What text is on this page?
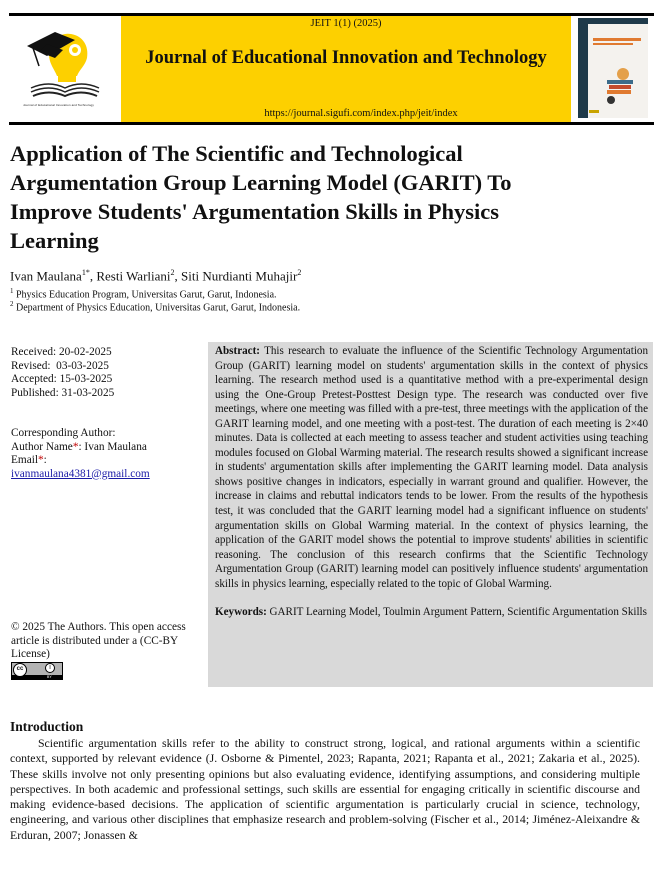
Journal of Educational Innovation and Technology
JEIT 1(1) (2025)
Journal of Educational Innovation and Technology
https://journal.sigufi.com/index.php/jeit/index
Application of The Scientific and Technological
Argumentation Group Learning Model (GARIT) To
Improve Students' Argumentation Skills in Physics
Learning
Ivan Maulana$^{1*}$, Resti Warliani$^2$, Siti Nurdianti Muhajir$^2$
$^1$ Physics Education Program, Universitas Garut, Garut, Indonesia.
$^2$ Department of Physics Education, Universitas Garut, Garut, Indonesia.
Received: 20-02-2025
Revised:  03-03-2025
Accepted: 15-03-2025
Published: 31-03-2025
Corresponding Author:
Author Name*: Ivan Maulana
Email*:
ivanmaulana4381@gmail.com
© 2025 The Authors. This open access article is distributed under a (CC-BY License)
cc	i
BY

Abstract: This research to evaluate the influence of the Scientific Technology Argumentation Group (GARIT) learning model on students' argumentation skills in the context of physics learning. The research method used is a quantitative method with a pre-experimental design using the One-Group Pretest-Posttest Design type. The research was conducted over five meetings, where one meeting was filled with a pre-test, three meetings with the application of the GARIT learning model, and one meeting with a post-test. The duration of each meeting is 2×40 minutes. Data is collected at each meeting to assess teacher and student activities using teaching modules focused on Global Warming material. The research results showed a significant increase in students' argumentation skills after implementing the GARIT learning model. Data analysis shows positive changes in indicators, especially in warrant ground and qualifier. However, the increase in claims and rebuttal indicators tends to be lower. From the results of the hypothesis test, it was concluded that the GARIT learning model had a significant influence on students' argumentation skills on Global Warming material. In the context of physics learning, the application of the GARIT model shows the potential to improve students' abilities in scientific reasoning. The conclusion of this research confirms that the Scientific Technology Argumentation Group (GARIT) learning model can positively influence students' argumentation skills in physics learning, especially related to the topic of Global Warming.

Keywords: GARIT Learning Model, Toulmin Argument Pattern, Scientific Argumentation Skills

Introduction
Scientific argumentation skills refer to the ability to construct strong, logical, and rational arguments within a scientific context, supported by relevant evidence (J. Osborne & Pimentel, 2023; Rapanta, 2021; Rapanta et al., 2021; Zakaria et al., 2025). These skills involve not only presenting opinions but also evaluating evidence, identifying assumptions, and considering multiple perspectives. In both academic and professional settings, such skills are essential for engaging critically in scientific discourse and making evidence-based decisions. The application of scientific argumentation is particularly crucial in science, technology, engineering, and various other disciplines that emphasize research and problem-solving (Fischer et al., 2014; Jiménez-Aleixandre & Erduran, 2007; Jonassen &
